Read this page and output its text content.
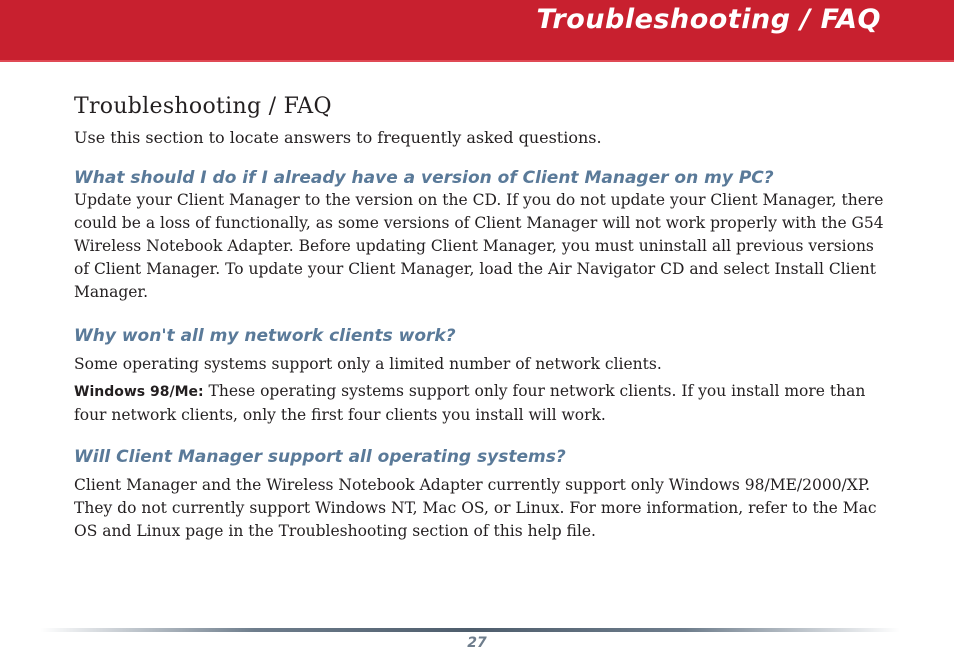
Troubleshooting / FAQ
Troubleshooting / FAQ

Use this section to locate answers to frequently asked questions.

What should I do if I already have a version of Client Manager on my PC?

Update your Client Manager to the version on the CD. If you do not update your Client Manager, there could be a loss of functionally, as some versions of Client Manager will not work properly with the G54 Wireless Notebook Adapter. Before updating Client Manager, you must uninstall all previous versions of Client Manager. To update your Client Manager, load the Air Navigator CD and select Install Client Manager.

Why won't all my network clients work?

Some operating systems support only a limited number of network clients.

Windows 98/Me: These operating systems support only four network clients. If you install more than four network clients, only the first four clients you install will work.

Will Client Manager support all operating systems?

Client Manager and the Wireless Notebook Adapter currently support only Windows 98/ME/2000/XP. They do not currently support Windows NT, Mac OS, or Linux. For more information, refer to the Mac OS and Linux page in the Troubleshooting section of this help file.

27
